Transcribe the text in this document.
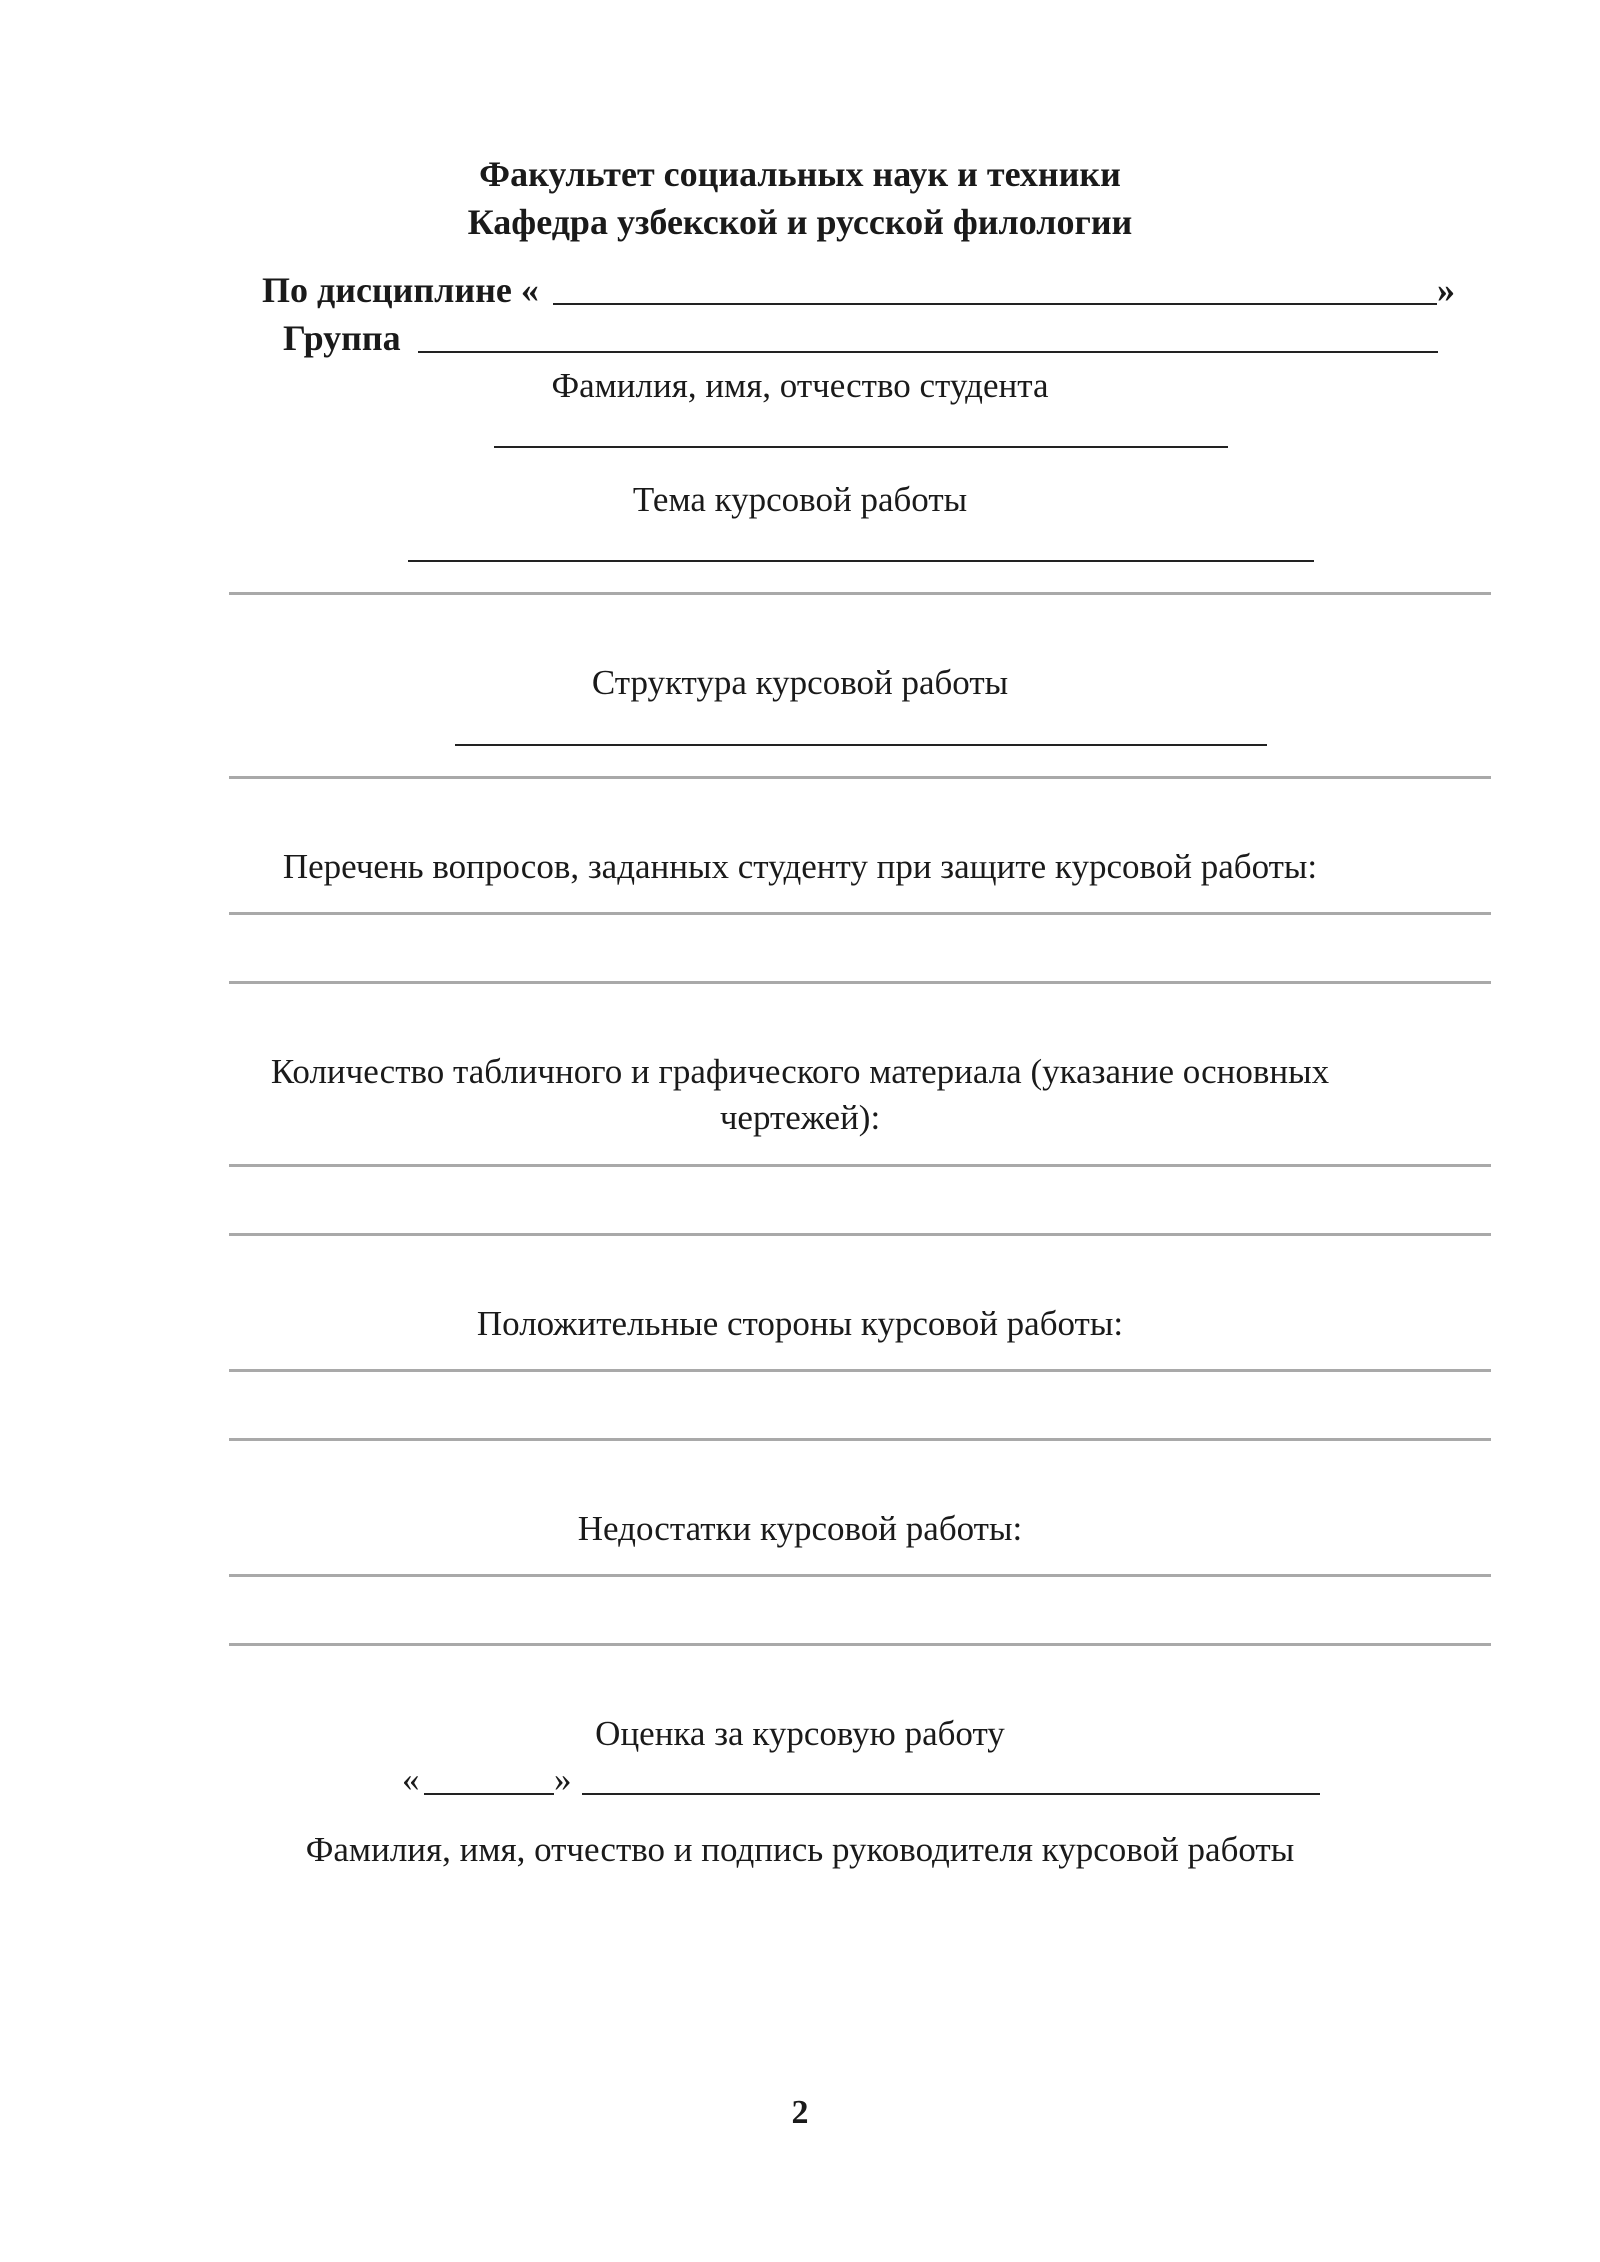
Факультет социальных наук и техники
Кафедра узбекской и русской филологии
По дисциплине «	»
Группа
Фамилия, имя, отчество студента
Тема курсовой работы
Структура курсовой работы
Перечень вопросов, заданных студенту при защите курсовой работы:
Количество табличного и графического материала (указание основных
чертежей):
Положительные стороны курсовой работы:
Недостатки курсовой работы:
Оценка за курсовую работу
«	»
Фамилия, имя, отчество и подпись руководителя курсовой работы
2
